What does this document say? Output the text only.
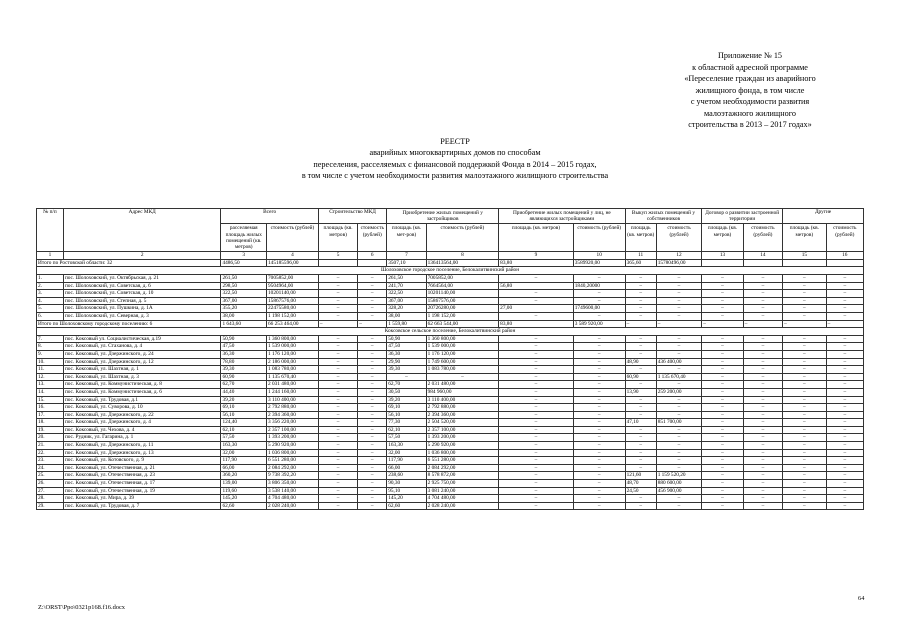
Приложение № 15
к областной адресной программе
«Переселение граждан из аварийного
жилищного фонда, в том числе
с учетом необходимости развития
малоэтажного жилищного
строительства в 2013 – 2017 годах»
РЕЕСТР
аварийных многоквартирных домов по способам
переселения, расселяемых с финансовой поддержкой Фонда в 2014 – 2015 годах,
в том числе с учетом необходимости развития малоэтажного жилищного строительства
№ п/п	Адрес МКД	Всего		Строительство МКД		Приобретение жилых помещений у застройщиков		Приобретение жилых помещений у лиц, не являющихся застройщиками		Выкуп жилых помещений у собственников		Договор о развитии застроенной территории		Другие	
		расселяемая площадь жилых помещений (кв. метров)	стоимость (рублей)	площадь (кв. метров)	стоимость (рублей)	площадь (кв. мет-ров)	стоимость (рублей)	площадь (кв. метров)	стоимость (рублей)	площадь (кв. метров)	стоимость (рублей)	площадь (кв. метров)	стоимость (рублей)	площадь (кв. метров)	стоимость (рублей)
1	2	3	4	5	6	7	8	9	10	11	12	13	14	15	16
Итого по Ростовской области: 32		4486,50	145185596,00			3507,10	136413564,00	83,80	3589920,00	365,60	15780496,00				
Шолоховское городское поселение, Белокалитвинский район															
1.	пос. Шолоховский, ул. Октябрьская, д. 21	261,50	7005852,00	–	–	261,50	7005852,00	–	–	–	–	–	–	–	–
2.	пос. Шолоховский, ул. Советская, д. 6	298,50	9504964,00	–	–	241,70	7664564,00	56,80	1840,20000	–	–	–	–	–	–
3.	пос. Шолоховский, ул. Советская, д. 10	322,50	10201140,00	–	–	322,50	10201140,00	–	–	–	–	–	–	–	–
4.	пос. Шолоховский, ул. Степная, д. 5	367,00	15867576,00	–	–	367,00	15867576,00	–	–	–	–	–	–	–	–
5.	пос. Шолоховский, ул. Пушкина, д. 1А	355,20	22475580,00	–	–	328,20	20726280,00	27,00	1749600,00	–	–	–	–	–	–
6.	пос. Шолоховский, ул. Северная, д. 3	38,00	1 198 152,00	–	–	38,00	1 198 152,00	–	–	–	–	–	–	–	–
Итого по Шолоховскому городскому поселению: 6		1 643,60	66 253 464,00	–	–	1 559,80	62 663 544,00	83,80	3 589 920,00	–	–	–	–	–	–
Коксовское сельское поселение, Белокалитвинский район															
7.	пос. Коксовый ул. Социалистическая, д.19	50,90	1 360 800,00	–	–	50,90	1 360 800,00	–	–	–	–	–	–	–	–
8.	пос. Коксовый, ул. Стаханова, д. 4	47,50	1 539 000,00	–	–	47,50	1 539 000,00	–	–	–	–	–	–	–	–
9.	пос. Коксовый, ул. Дзержинского, д. 24	36,30	1 176 120,00	–	–	36,30	1 176 120,00	–	–	–	–	–	–	–	–
10.	пос. Коксовый, ул. Дзержинского, д. 12	78,80	2 186 000,00	–	–	29,90	1 749 600,00	–	–	48,90	436 400,00	–	–	–	–
11.	пос. Коксовый, ул. Шахтная, д. 1	39,30	1 083 780,00	–	–	39,30	1 083 780,00	–	–	–	–	–	–	–	–
12.	пос. Коксовый, ул. Шахтная, д. 3	60,90	1 135 670,40	–	–	–	–	–	–	60,90	1 135 670,40	–	–	–	–
13.	пос. Коксовый, ул. Коммунистическая, д. 8	62,70	2 031 480,00	–	–	62,70	2 031 480,00	–	–	–	–	–	–	–	–
14.	пос. Коксовый, ул. Коммунистическая, д. 6	44,40	1 244 160,00	–	–	30,50	984 960,00	–	–	13,90	259 200,00	–	–	–	–
15.	пос. Коксовый, ул. Трудовая, д.1	39,20	3 110 400,00	–	–	39,20	3 110 400,00	–	–	–	–	–	–	–	–
16.	пос. Коксовый, ул. Суворова, д. 10	69,10	2 792 880,00	–	–	69,10	2 792 880,00	–	–	–	–	–	–	–	–
17.	пос. Коксовый, ул. Дзержинского, д. 22	56,10	2 394 360,00	–	–	56,10	2 394 360,00	–	–	–	–	–	–	–	–
18.	пос. Коксовый, ул. Дзержинского, д. 4	124,40	3 356 220,00	–	–	77,30	2 504 520,00	–	–	47,10	851 700,00	–	–	–	–
19.	пос. Коксовый, ул. Чехова, д. 4	62,10	2 357 100,00	–	–	62,10	2 357 100,00	–	–	–	–	–	–	–	–
20.	пос. Рудник, ул. Гагарина, д. 1	57,50	1 393 200,00	–	–	57,50	1 393 200,00	–	–	–	–	–	–	–	–
21.	пос. Коксовый, ул. Дзержинского, д. 11	163,30	5 290 920,00	–	–	163,30	5 290 920,00	–	–	–	–	–	–	–	–
22.	пос. Коксовый, ул. Дзержинского, д. 13	32,00	1 036 800,00	–	–	32,00	1 036 800,00	–	–	–	–	–	–	–	–
23.	пос. Коксовый, ул. Котовского, д. 9	117,90	6 551 280,00	–	–	117,90	6 551 280,00	–	–	–	–	–	–	–	–
24.	пос. Коксовый, ул. Отечественная, д. 21	66,00	2 084 292,00	–	–	66,00	2 084 292,00	–	–	–	–	–	–	–	–
25.	пос. Коксовый, ул. Отечественная, д. 23	360,20	9 738 392,20	–	–	238,60	8 578 872,00	–	–	121,60	1 159 520,20	–	–	–	–
26.	пос. Коксовый, ул. Отечественная, д. 17	139,00	3 806 350,00	–	–	90,30	2 925 750,00	–	–	48,70	880 600,00	–	–	–	–
27.	пос. Коксовый, ул. Отечественная, д. 19	119,60	3 538 140,00	–	–	95,10	3 081 240,00	–	–	24,50	456 900,00	–	–	–	–
28.	пос. Коксовый, ул. Мира, д. 39	145,20	4 704 480,00	–	–	145,20	4 704 480,00	–	–	–	–	–	–	–	–
29.	пос. Коксовый, ул. Трудовая, д. 7	62,60	2 028 240,00	–	–	62,60	2 028 240,00	–	–	–	–	–	–	–	–
Z:\ORST\Ppo\0321p168.f16.docx
64
